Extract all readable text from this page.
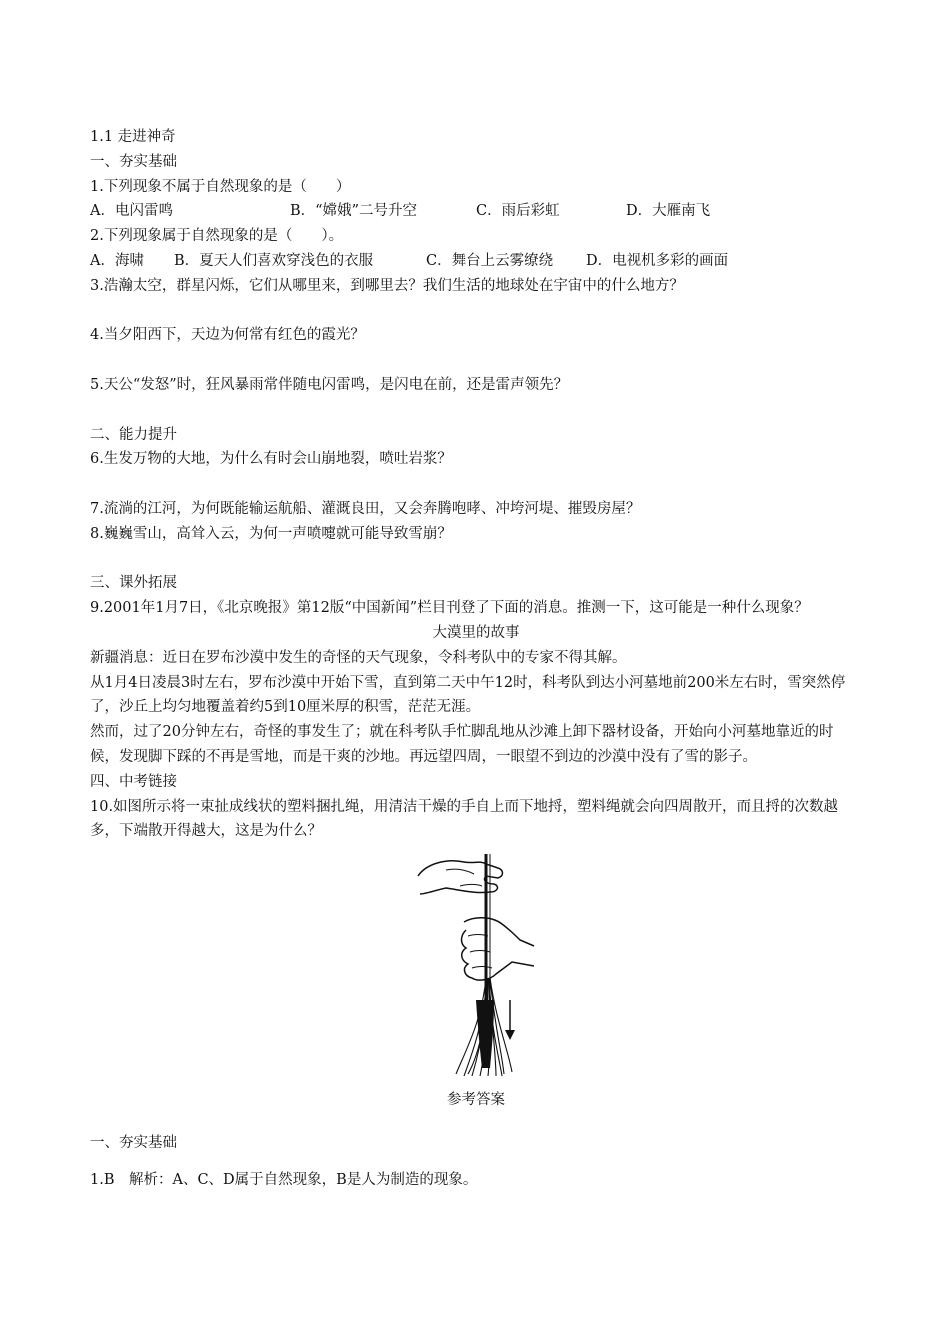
1.1 走进神奇
一、夯实基础
1.下列现象不属于自然现象的是（　　）
A．电闪雷鸣	B．“嫦娥”二号升空	C．雨后彩虹	D．大雁南飞
2.下列现象属于自然现象的是（　　）。
A．海啸	B．夏天人们喜欢穿浅色的衣服	C．舞台上云雾缭绕	D．电视机多彩的画面
3.浩瀚太空，群星闪烁，它们从哪里来，到哪里去？我们生活的地球处在宇宙中的什么地方？
4.当夕阳西下，天边为何常有红色的霞光？
5.天公“发怒”时，狂风暴雨常伴随电闪雷鸣，是闪电在前，还是雷声领先？
二、能力提升
6.生发万物的大地，为什么有时会山崩地裂，喷吐岩浆？
7.流淌的江河，为何既能输运航船、灌溉良田，又会奔腾咆哮、冲垮河堤、摧毁房屋？
8.巍巍雪山，高耸入云，为何一声喷嚏就可能导致雪崩？
三、课外拓展
9.2001年1月7日，《北京晚报》第12版“中国新闻”栏目刊登了下面的消息。推测一下，这可能是一种什么现象？
大漠里的故事
新疆消息：近日在罗布沙漠中发生的奇怪的天气现象，令科考队中的专家不得其解。
从1月4日凌晨3时左右，罗布沙漠中开始下雪，直到第二天中午12时，科考队到达小河墓地前200米左右时，雪突然停了，沙丘上均匀地覆盖着约5到10厘米厚的积雪，茫茫无涯。
然而，过了20分钟左右，奇怪的事发生了；就在科考队手忙脚乱地从沙滩上卸下器材设备，开始向小河墓地靠近的时候，发现脚下踩的不再是雪地，而是干爽的沙地。再远望四周，一眼望不到边的沙漠中没有了雪的影子。
四、中考链接
10.如图所示将一束扯成线状的塑料捆扎绳，用清洁干燥的手自上而下地捋，塑料绳就会向四周散开，而且捋的次数越多，下端散开得越大，这是为什么？
参考答案
一、夯实基础
1.B　解析：A、C、D属于自然现象，B是人为制造的现象。
